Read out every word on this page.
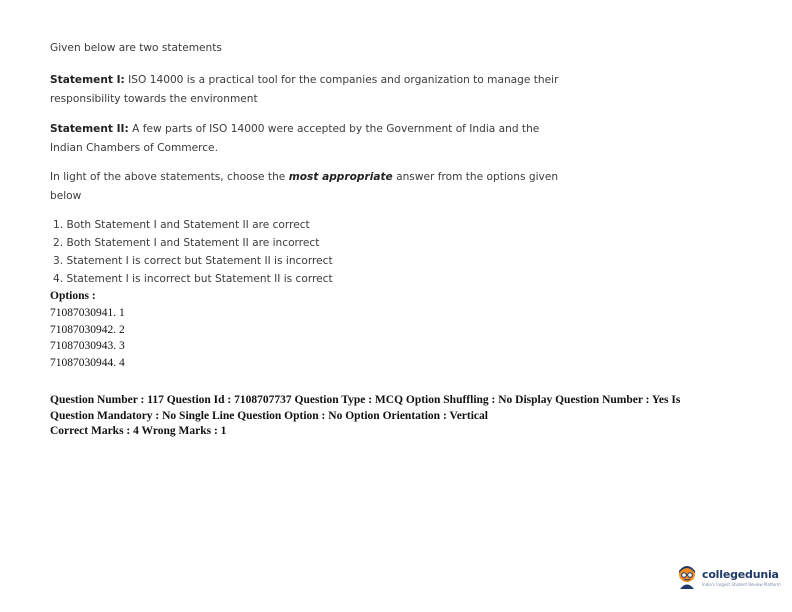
Given below are two statements
Statement I: ISO 14000 is a practical tool for the companies and organization to manage their responsibility towards the environment
Statement II: A few parts of ISO 14000 were accepted by the Government of India and the Indian Chambers of Commerce.
In light of the above statements, choose the most appropriate answer from the options given below
1. Both Statement I and Statement II are correct
2. Both Statement I and Statement II are incorrect
3. Statement I is correct but Statement II is incorrect
4. Statement I is incorrect but Statement II is correct
Options :
71087030941. 1
71087030942. 2
71087030943. 3
71087030944. 4
Question Number : 117 Question Id : 7108707737 Question Type : MCQ Option Shuffling : No Display Question Number : Yes Is
Question Mandatory : No Single Line Question Option : No Option Orientation : Vertical
Correct Marks : 4 Wrong Marks : 1
collegedunia
India's largest Student Review Platform
